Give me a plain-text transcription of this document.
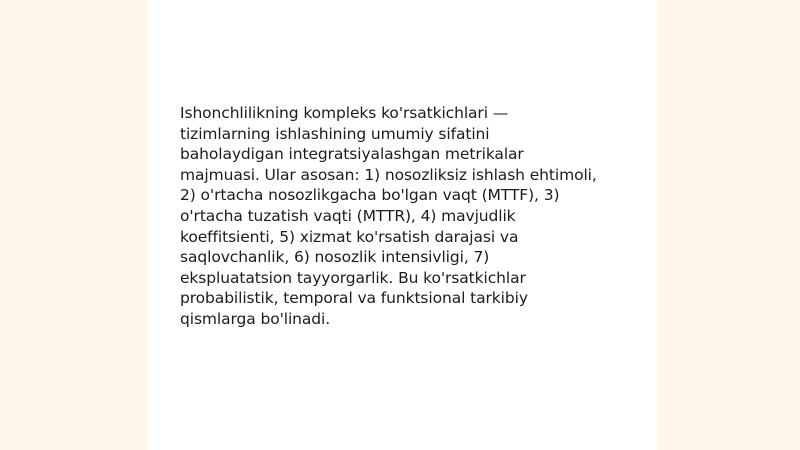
Ishonchlilikning kompleks ko'rsatkichlari —
tizimlarning ishlashining umumiy sifatini
baholaydigan integratsiyalashgan metrikalar
majmuasi. Ular asosan: 1) nosozliksiz ishlash ehtimoli,
2) o'rtacha nosozlikgacha bo'lgan vaqt (MTTF), 3)
o'rtacha tuzatish vaqti (MTTR), 4) mavjudlik
koeffitsienti, 5) xizmat ko'rsatish darajasi va
saqlovchanlik, 6) nosozlik intensivligi, 7)
ekspluatatsion tayyorgarlik. Bu ko'rsatkichlar
probabilistik, temporal va funktsional tarkibiy
qismlarga bo'linadi.
